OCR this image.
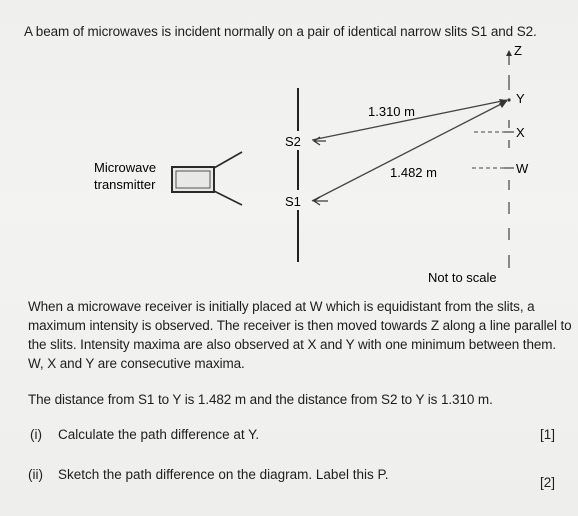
A beam of microwaves is incident normally on a pair of identical narrow slits S1 and S2.
Microwave
transmitter
S2
S1
1.310 m
1.482 m
Z
Y
X
W
Not to scale
When a microwave receiver is initially placed at W which is equidistant from the slits, a maximum intensity is observed. The receiver is then moved towards Z along a line parallel to the slits. Intensity maxima are also observed at X and Y with one minimum between them. W, X and Y are consecutive maxima.
The distance from S1 to Y is 1.482 m and the distance from S2 to Y is 1.310 m.
(i) Calculate the path difference at Y.	[1]
(ii) Sketch the path difference on the diagram. Label this P.
[2]
